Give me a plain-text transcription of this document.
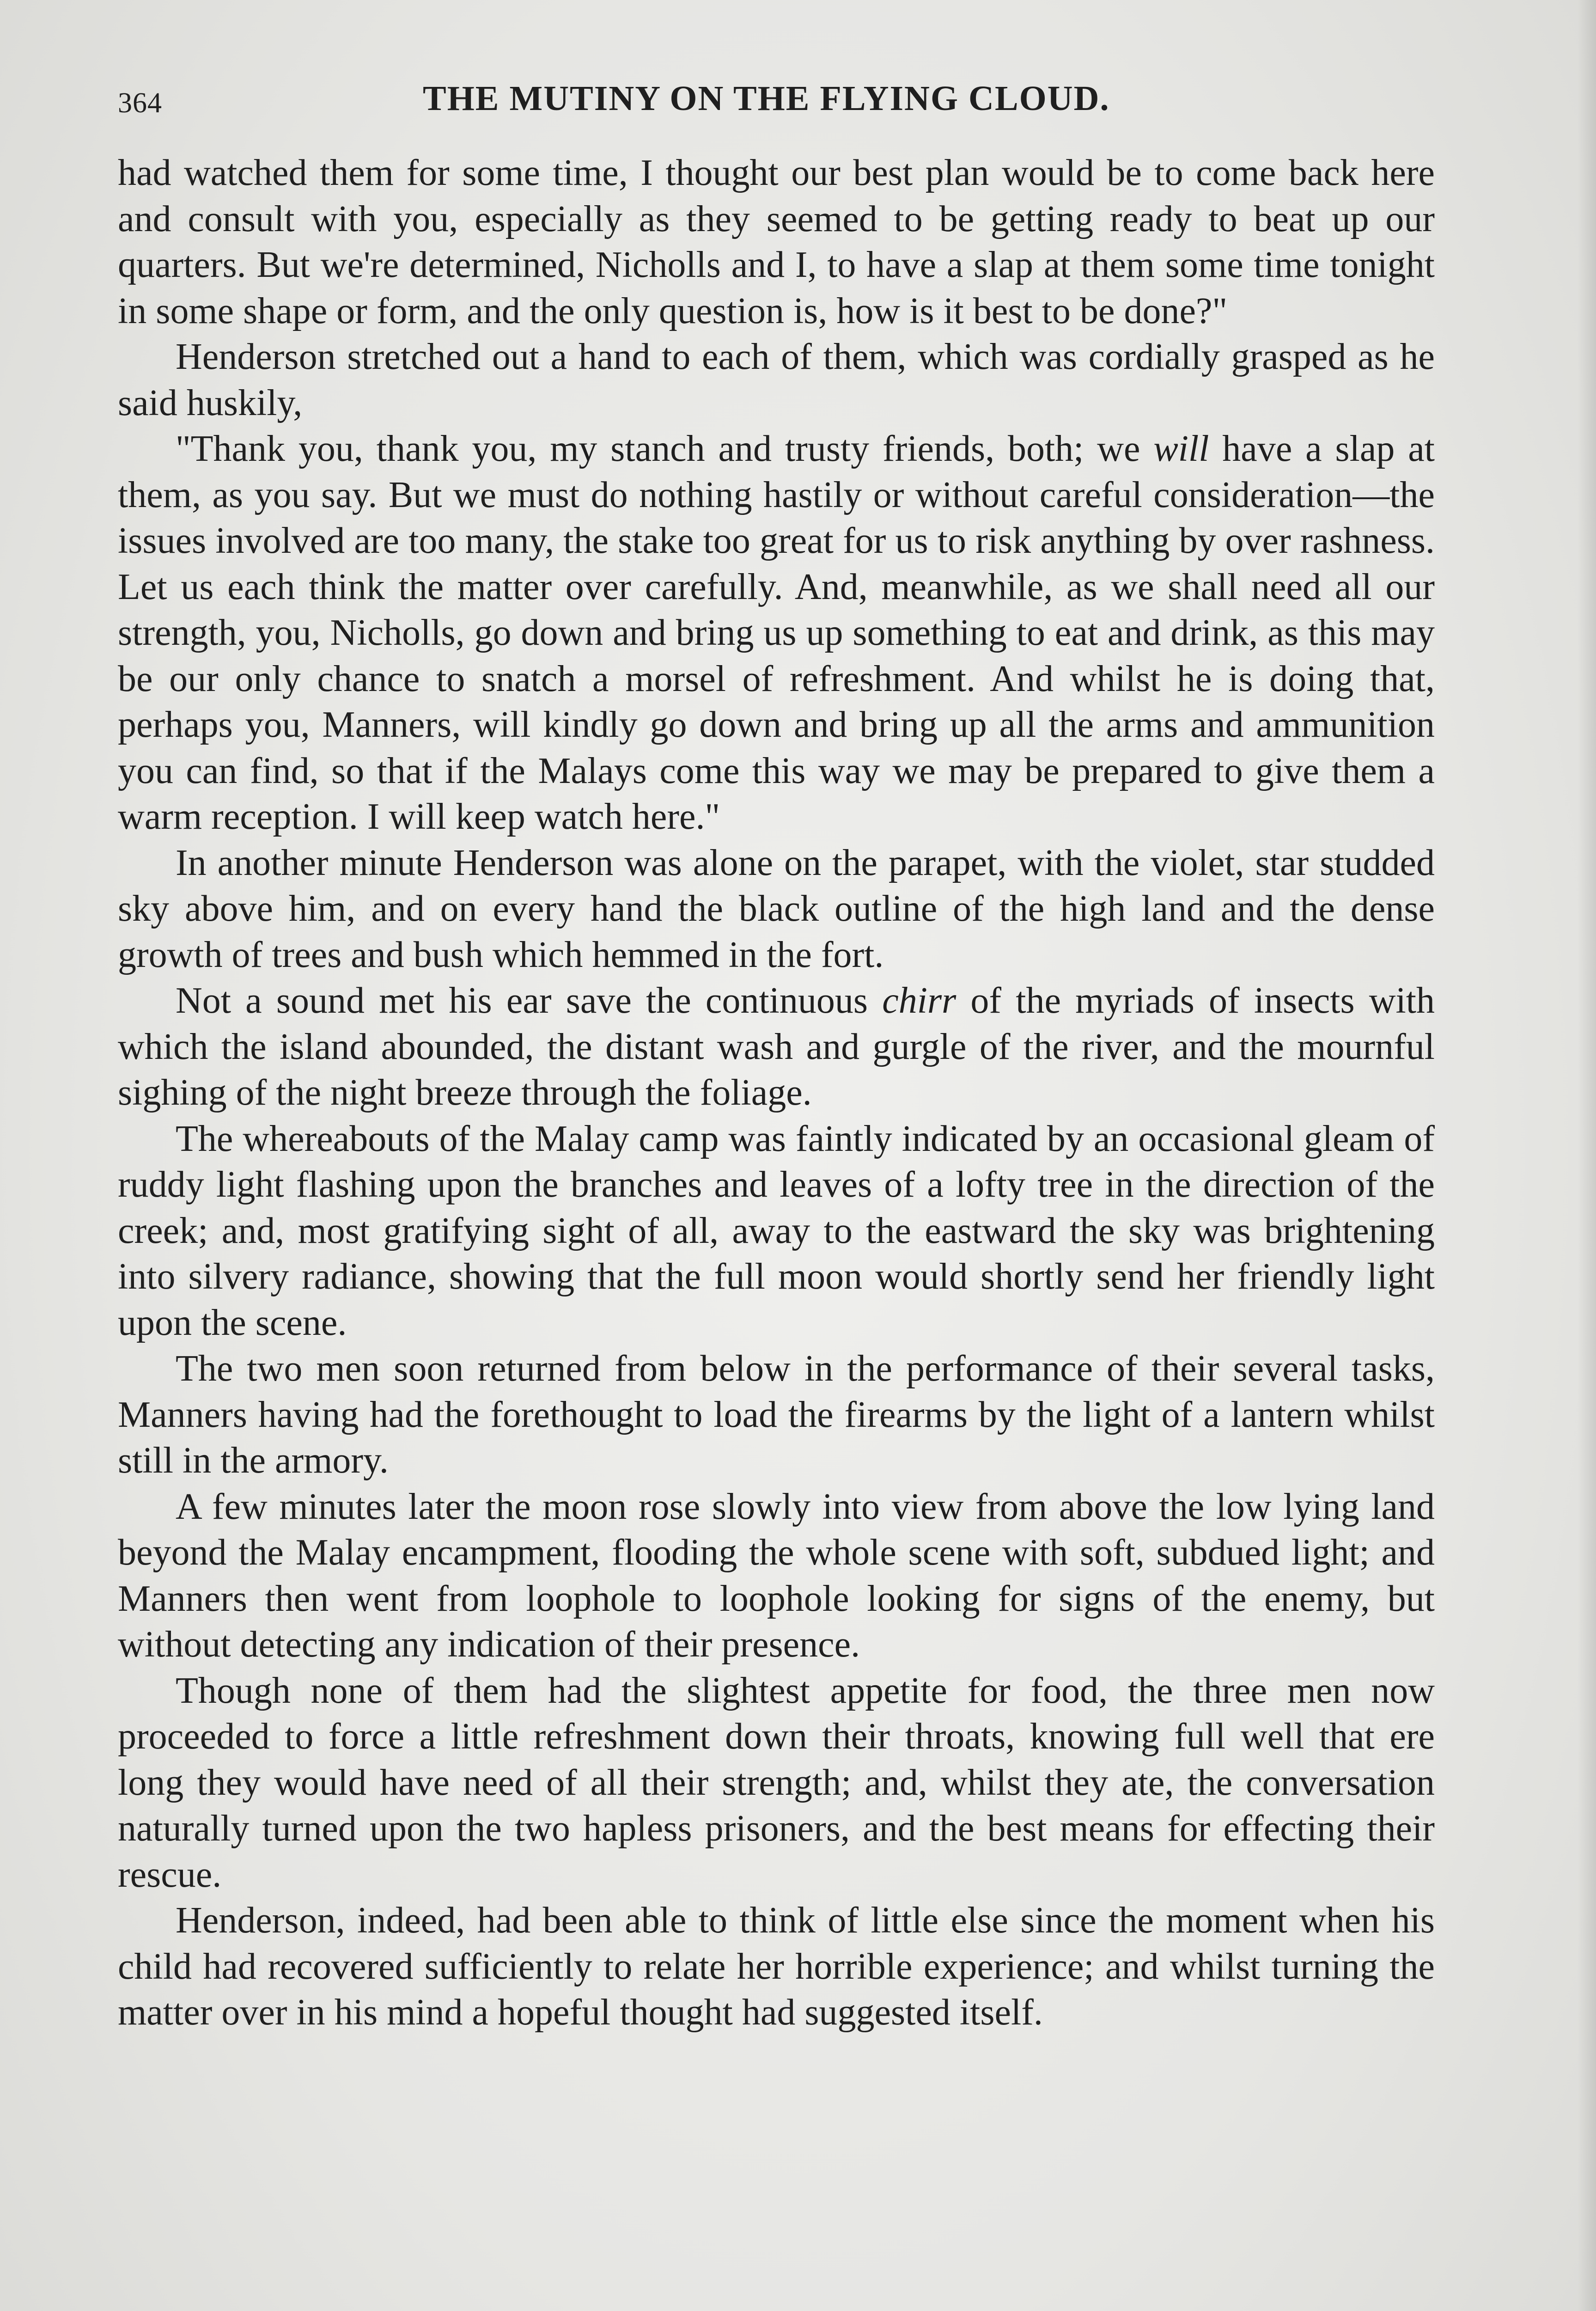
364	THE MUTINY ON THE FLYING CLOUD.

had watched them for some time, I thought our best plan would be to come back here and consult with you, especially as they seemed to be getting ready to beat up our quarters. But we're determined, Nicholls and I, to have a slap at them some time tonight in some shape or form, and the only question is, how is it best to be done?"

Henderson stretched out a hand to each of them, which was cordially grasped as he said huskily,

"Thank you, thank you, my stanch and trusty friends, both; we will have a slap at them, as you say. But we must do nothing hastily or without careful consideration—the issues involved are too many, the stake too great for us to risk anything by over rashness. Let us each think the matter over carefully. And, meanwhile, as we shall need all our strength, you, Nicholls, go down and bring us up something to eat and drink, as this may be our only chance to snatch a morsel of refreshment. And whilst he is doing that, perhaps you, Manners, will kindly go down and bring up all the arms and ammunition you can find, so that if the Malays come this way we may be prepared to give them a warm reception. I will keep watch here."

In another minute Henderson was alone on the parapet, with the violet, star studded sky above him, and on every hand the black outline of the high land and the dense growth of trees and bush which hemmed in the fort.

Not a sound met his ear save the continuous chirr of the myriads of insects with which the island abounded, the distant wash and gurgle of the river, and the mournful sighing of the night breeze through the foliage.

The whereabouts of the Malay camp was faintly indicated by an occasional gleam of ruddy light flashing upon the branches and leaves of a lofty tree in the direction of the creek; and, most gratifying sight of all, away to the eastward the sky was brightening into silvery radiance, showing that the full moon would shortly send her friendly light upon the scene.

The two men soon returned from below in the performance of their several tasks, Manners having had the forethought to load the firearms by the light of a lantern whilst still in the armory.

A few minutes later the moon rose slowly into view from above the low lying land beyond the Malay encampment, flooding the whole scene with soft, subdued light; and Manners then went from loophole to loophole looking for signs of the enemy, but without detecting any indication of their presence.

Though none of them had the slightest appetite for food, the three men now proceeded to force a little refreshment down their throats, knowing full well that ere long they would have need of all their strength; and, whilst they ate, the conversation naturally turned upon the two hapless prisoners, and the best means for effecting their rescue.

Henderson, indeed, had been able to think of little else since the moment when his child had recovered sufficiently to relate her horrible experience; and whilst turning the matter over in his mind a hopeful thought had suggested itself.
